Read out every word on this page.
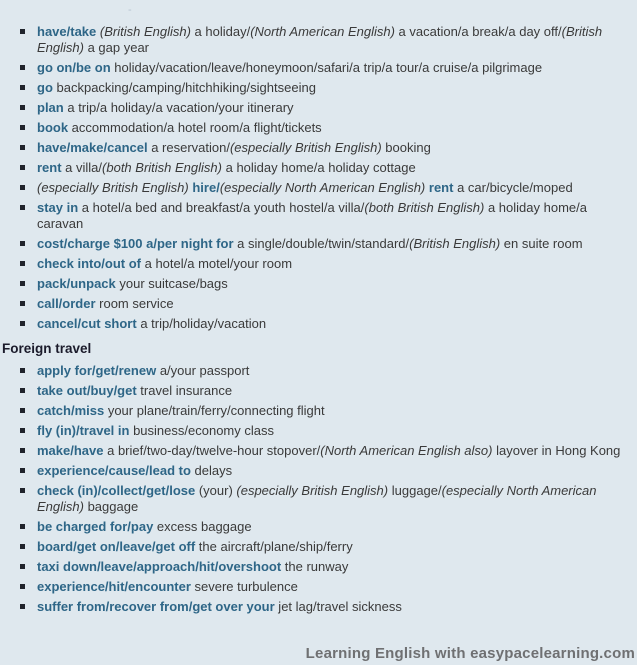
-
have/take (British English) a holiday/(North American English) a vacation/a break/a day off/(British English) a gap year
go on/be on holiday/vacation/leave/honeymoon/safari/a trip/a tour/a cruise/a pilgrimage
go backpacking/camping/hitchhiking/sightseeing
plan a trip/a holiday/a vacation/your itinerary
book accommodation/a hotel room/a flight/tickets
have/make/cancel a reservation/(especially British English) booking
rent a villa/(both British English) a holiday home/a holiday cottage
(especially British English) hire/(especially North American English) rent a car/bicycle/moped
stay in a hotel/a bed and breakfast/a youth hostel/a villa/(both British English) a holiday home/a caravan
cost/charge $100 a/per night for a single/double/twin/standard/(British English) en suite room
check into/out of a hotel/a motel/your room
pack/unpack your suitcase/bags
call/order room service
cancel/cut short a trip/holiday/vacation
Foreign travel
apply for/get/renew a/your passport
take out/buy/get travel insurance
catch/miss your plane/train/ferry/connecting flight
fly (in)/travel in business/economy class
make/have a brief/two-day/twelve-hour stopover/(North American English also) layover in Hong Kong
experience/cause/lead to delays
check (in)/collect/get/lose (your) (especially British English) luggage/(especially North American English) baggage
be charged for/pay excess baggage
board/get on/leave/get off the aircraft/plane/ship/ferry
taxi down/leave/approach/hit/overshoot the runway
experience/hit/encounter severe turbulence
suffer from/recover from/get over your jet lag/travel sickness
Learning English with easypacelearning.com
